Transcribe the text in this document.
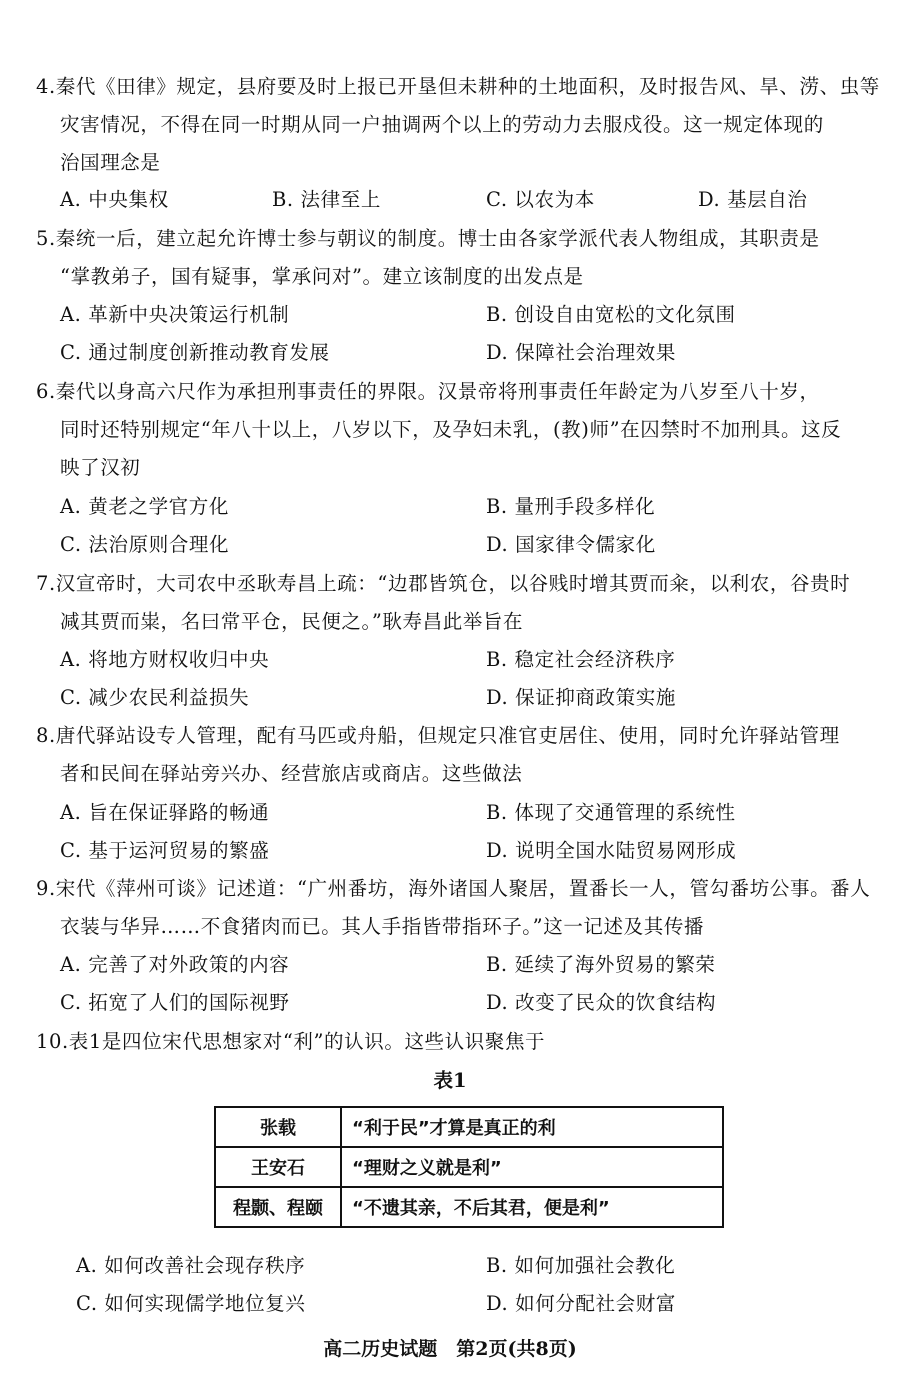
4.秦代《田律》规定，县府要及时上报已开垦但未耕种的土地面积，及时报告风、旱、涝、虫等
灾害情况，不得在同一时期从同一户抽调两个以上的劳动力去服戍役。这一规定体现的
治国理念是
A. 中央集权	B. 法律至上	C. 以农为本	D. 基层自治
5.秦统一后，建立起允许博士参与朝议的制度。博士由各家学派代表人物组成，其职责是
“掌教弟子，国有疑事，掌承问对”。建立该制度的出发点是
A. 革新中央决策运行机制	B. 创设自由宽松的文化氛围
C. 通过制度创新推动教育发展	D. 保障社会治理效果
6.秦代以身高六尺作为承担刑事责任的界限。汉景帝将刑事责任年龄定为八岁至八十岁，
同时还特别规定“年八十以上，八岁以下，及孕妇未乳，(教)师”在囚禁时不加刑具。这反
映了汉初
A. 黄老之学官方化	B. 量刑手段多样化
C. 法治原则合理化	D. 国家律令儒家化
7.汉宣帝时，大司农中丞耿寿昌上疏：“边郡皆筑仓，以谷贱时增其贾而籴，以利农，谷贵时
减其贾而粜，名曰常平仓，民便之。”耿寿昌此举旨在
A. 将地方财权收归中央	B. 稳定社会经济秩序
C. 减少农民利益损失	D. 保证抑商政策实施
8.唐代驿站设专人管理，配有马匹或舟船，但规定只准官吏居住、使用，同时允许驿站管理
者和民间在驿站旁兴办、经营旅店或商店。这些做法
A. 旨在保证驿路的畅通	B. 体现了交通管理的系统性
C. 基于运河贸易的繁盛	D. 说明全国水陆贸易网形成
9.宋代《萍州可谈》记述道：“广州番坊，海外诸国人聚居，置番长一人，管勾番坊公事。番人
衣装与华异……不食猪肉而已。其人手指皆带指环子。”这一记述及其传播
A. 完善了对外政策的内容	B. 延续了海外贸易的繁荣
C. 拓宽了人们的国际视野	D. 改变了民众的饮食结构
10.表1是四位宋代思想家对“利”的认识。这些认识聚焦于
表1
张载	“利于民”才算是真正的利
王安石	“理财之义就是利”
程颢、程颐	“不遗其亲，不后其君，便是利”
A. 如何改善社会现存秩序	B. 如何加强社会教化
C. 如何实现儒学地位复兴	D. 如何分配社会财富
高二历史试题　第2页(共8页)
